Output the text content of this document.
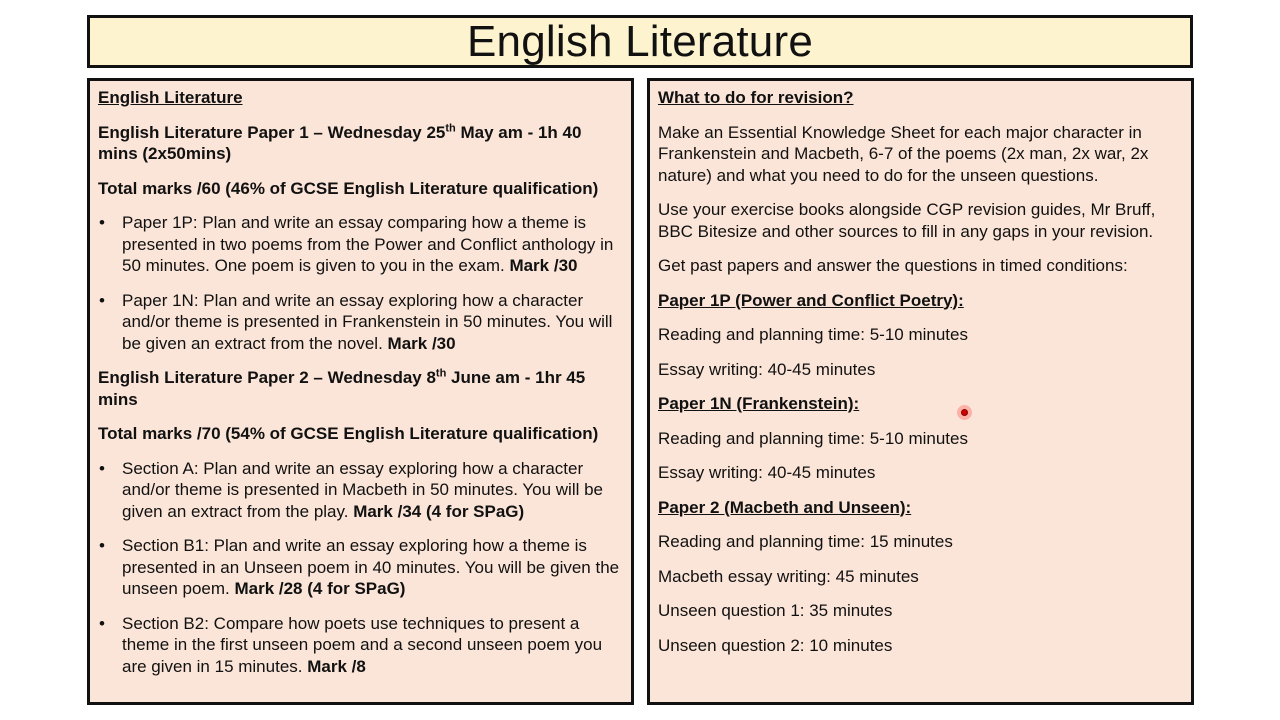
English Literature

English Literature

English Literature Paper 1 – Wednesday 25th May am - 1h 40 mins (2x50mins)

Total marks /60 (46% of GCSE English Literature qualification)

• Paper 1P: Plan and write an essay comparing how a theme is presented in two poems from the Power and Conflict anthology in 50 minutes. One poem is given to you in the exam. Mark /30
• Paper 1N: Plan and write an essay exploring how a character and/or theme is presented in Frankenstein in 50 minutes. You will be given an extract from the novel. Mark /30

English Literature Paper 2 – Wednesday 8th June am - 1hr 45 mins

Total marks /70 (54% of GCSE English Literature qualification)

• Section A: Plan and write an essay exploring how a character and/or theme is presented in Macbeth in 50 minutes. You will be given an extract from the play. Mark /34 (4 for SPaG)
• Section B1: Plan and write an essay exploring how a theme is presented in an Unseen poem in 40 minutes. You will be given the unseen poem. Mark /28 (4 for SPaG)
• Section B2: Compare how poets use techniques to present a theme in the first unseen poem and a second unseen poem you are given in 15 minutes. Mark /8

What to do for revision?

Make an Essential Knowledge Sheet for each major character in Frankenstein and Macbeth, 6-7 of the poems (2x man, 2x war, 2x nature) and what you need to do for the unseen questions.

Use your exercise books alongside CGP revision guides, Mr Bruff, BBC Bitesize and other sources to fill in any gaps in your revision.

Get past papers and answer the questions in timed conditions:

Paper 1P (Power and Conflict Poetry):

Reading and planning time: 5-10 minutes

Essay writing: 40-45 minutes

Paper 1N (Frankenstein):

Reading and planning time: 5-10 minutes

Essay writing: 40-45 minutes

Paper 2 (Macbeth and Unseen):

Reading and planning time: 15 minutes

Macbeth essay writing: 45 minutes

Unseen question 1: 35 minutes

Unseen question 2: 10 minutes
